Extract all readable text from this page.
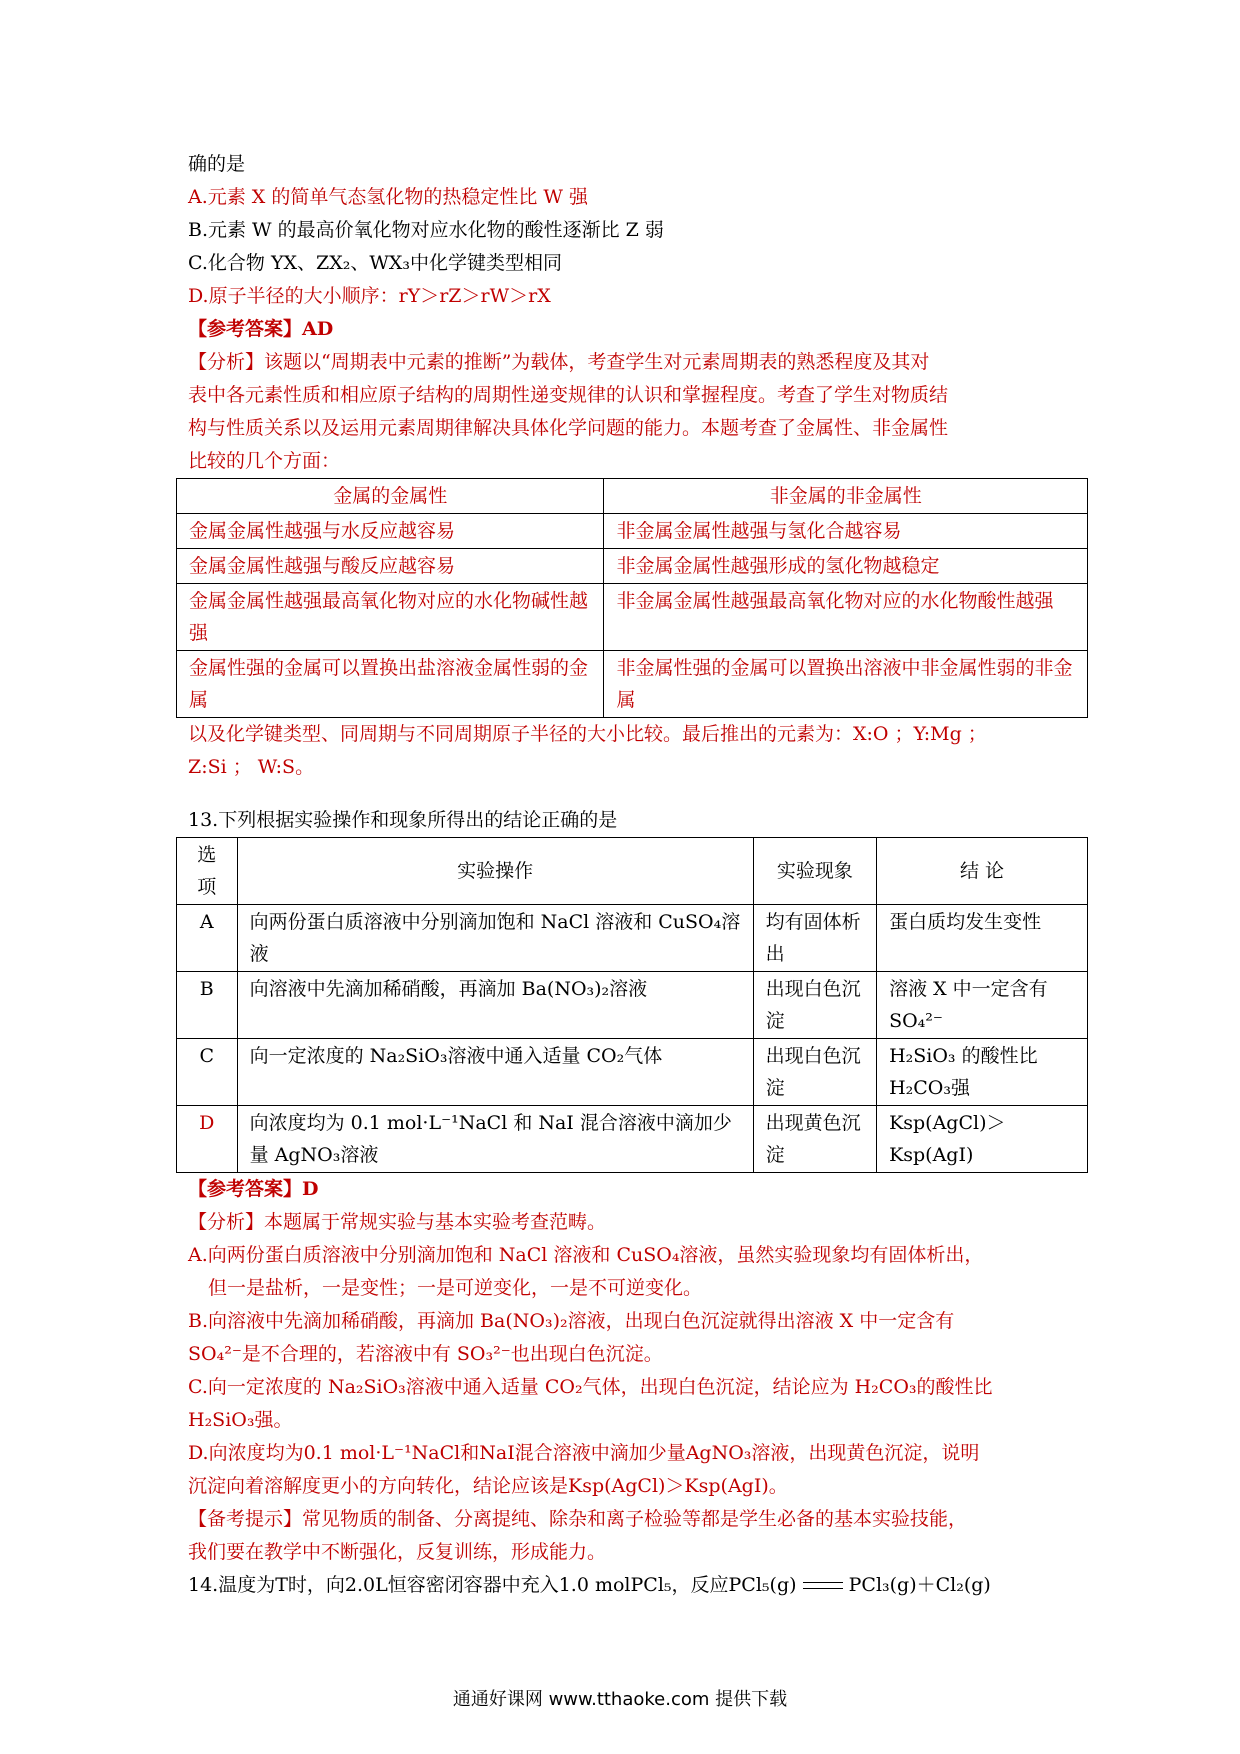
确的是
A.元素 X 的简单气态氢化物的热稳定性比 W 强
B.元素 W 的最高价氧化物对应水化物的酸性逐渐比 Z 弱
C.化合物 YX、ZX₂、WX₃中化学键类型相同
D.原子半径的大小顺序：rY＞rZ＞rW＞rX
【参考答案】AD
【分析】该题以“周期表中元素的推断”为载体，考查学生对元素周期表的熟悉程度及其对
表中各元素性质和相应原子结构的周期性递变规律的认识和掌握程度。考查了学生对物质结
构与性质关系以及运用元素周期律解决具体化学问题的能力。本题考查了金属性、非金属性
比较的几个方面：
金属的金属性	非金属的非金属性
金属金属性越强与水反应越容易	非金属金属性越强与氢化合越容易
金属金属性越强与酸反应越容易	非金属金属性越强形成的氢化物越稳定
金属金属性越强最高氧化物对应的水化物碱性越强	非金属金属性越强最高氧化物对应的水化物酸性越强
金属性强的金属可以置换出盐溶液金属性弱的金属	非金属性强的金属可以置换出溶液中非金属性弱的非金属
以及化学键类型、同周期与不同周期原子半径的大小比较。最后推出的元素为：X:O ；Y:Mg ；
Z:Si ； W:S。
13.下列根据实验操作和现象所得出的结论正确的是
选项	实验操作	实验现象	结 论
A	向两份蛋白质溶液中分别滴加饱和 NaCl 溶液和 CuSO₄溶液	均有固体析出	蛋白质均发生变性
B	向溶液中先滴加稀硝酸，再滴加 Ba(NO₃)₂溶液	出现白色沉淀	溶液 X 中一定含有 SO₄²⁻
C	向一定浓度的 Na₂SiO₃溶液中通入适量 CO₂气体	出现白色沉淀	H₂SiO₃ 的酸性比 H₂CO₃强
D	向浓度均为 0.1 mol·L⁻¹NaCl 和 NaI 混合溶液中滴加少量 AgNO₃溶液	出现黄色沉淀	Ksp(AgCl)＞Ksp(AgI)
【参考答案】D
【分析】本题属于常规实验与基本实验考查范畴。
A.向两份蛋白质溶液中分别滴加饱和 NaCl 溶液和 CuSO₄溶液，虽然实验现象均有固体析出，
但一是盐析，一是变性；一是可逆变化，一是不可逆变化。
B.向溶液中先滴加稀硝酸，再滴加 Ba(NO₃)₂溶液，出现白色沉淀就得出溶液 X 中一定含有
SO₄²⁻是不合理的，若溶液中有 SO₃²⁻也出现白色沉淀。
C.向一定浓度的 Na₂SiO₃溶液中通入适量 CO₂气体，出现白色沉淀，结论应为 H₂CO₃的酸性比
H₂SiO₃强。
D.向浓度均为0.1 mol·L⁻¹NaCl和NaI混合溶液中滴加少量AgNO₃溶液，出现黄色沉淀，说明
沉淀向着溶解度更小的方向转化，结论应该是Ksp(AgCl)＞Ksp(AgI)。
【备考提示】常见物质的制备、分离提纯、除杂和离子检验等都是学生必备的基本实验技能，
我们要在教学中不断强化，反复训练，形成能力。
14.温度为T时，向2.0L恒容密闭容器中充入1.0 molPCl₅，反应PCl₅(g)	PCl₃(g)＋Cl₂(g)
通通好课网 www.tthaoke.com 提供下载
